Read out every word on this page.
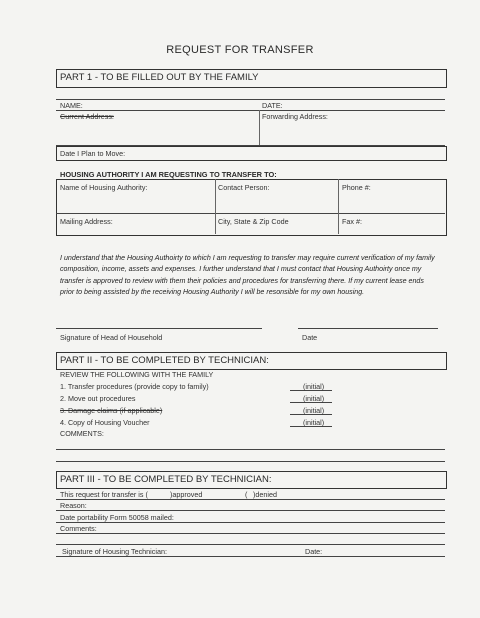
REQUEST FOR TRANSFER
PART 1 - TO BE FILLED OUT BY THE FAMILY
NAME:	DATE:
Current Address:	Forwarding Address:
Date I Plan to Move:
HOUSING AUTHORITY I AM REQUESTING TO TRANSFER TO:
Name of Housing Authority:	Contact Person:	Phone #:
Mailing Address:	City, State & Zip Code	Fax #:
I understand that the Housing Authoirty to which I am requesting to transfer may require current verification of my family composition, income, assets and expenses. I further understand that I must contact that Housing Authoirty once my transfer is approved to review with them their policies and procedures for transferring there. If my current lease ends prior to being assisted by the receiving Housing Authority I will be resonsible for my own housing.
Signature of Head of Household	Date
PART II - TO BE COMPLETED BY TECHNICIAN:
REVIEW THE FOLLOWING WITH THE FAMILY
1. Transfer procedures (provide copy to family)	(initial)
2. Move out procedures	(initial)
3. Damage claims (if applicable)	(initial)
4. Copy of Housing Voucher	(initial)
COMMENTS:
PART III - TO BE COMPLETED BY TECHNICIAN:
This request for transfer is (	)approved	( )denied
Reason:
Date portability Form 50058 mailed:
Comments:
Signature of Housing Technician:	Date:
